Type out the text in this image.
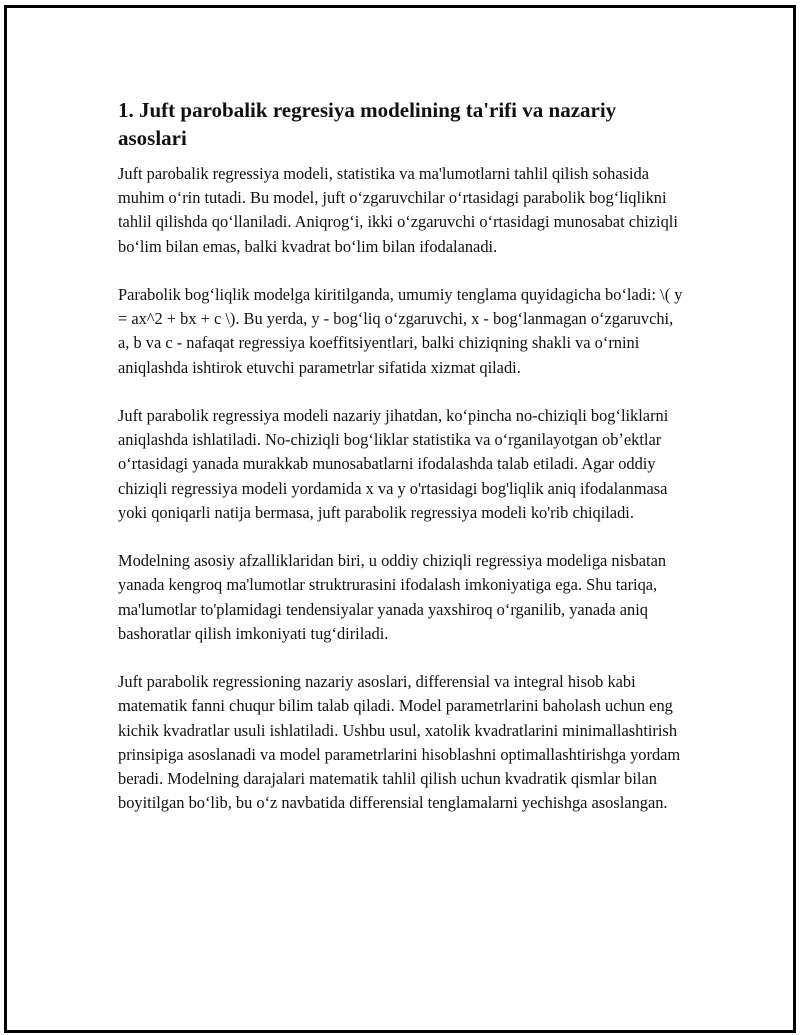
1. Juft parobalik regresiya modelining ta'rifi va nazariy asoslari

Juft parobalik regressiya modeli, statistika va ma'lumotlarni tahlil qilish sohasida muhim oʻrin tutadi. Bu model, juft oʻzgaruvchilar oʻrtasidagi parabolik bogʻliqlikni tahlil qilishda qoʻllaniladi. Aniqrogʻi, ikki oʻzgaruvchi oʻrtasidagi munosabat chiziqli boʻlim bilan emas, balki kvadrat boʻlim bilan ifodalanadi.

Parabolik bogʻliqlik modelga kiritilganda, umumiy tenglama quyidagicha boʻladi: \( y = ax^2 + bx + c \). Bu yerda, y - bogʻliq oʻzgaruvchi, x - bogʻlanmagan oʻzgaruvchi, a, b va c - nafaqat regressiya koeffitsiyentlari, balki chiziqning shakli va oʻrnini aniqlashda ishtirok etuvchi parametrlar sifatida xizmat qiladi.

Juft parabolik regressiya modeli nazariy jihatdan, koʻpincha no-chiziqli bogʻliklarni aniqlashda ishlatiladi. No-chiziqli bogʻliklar statistika va oʻrganilayotgan obʼektlar oʻrtasidagi yanada murakkab munosabatlarni ifodalashda talab etiladi. Agar oddiy chiziqli regressiya modeli yordamida x va y o'rtasidagi bog'liqlik aniq ifodalanmasa yoki qoniqarli natija bermasa, juft parabolik regressiya modeli ko'rib chiqiladi.

Modelning asosiy afzalliklaridan biri, u oddiy chiziqli regressiya modeliga nisbatan yanada kengroq ma'lumotlar struktrurasini ifodalash imkoniyatiga ega. Shu tariqa, ma'lumotlar to'plamidagi tendensiyalar yanada yaxshiroq oʻrganilib, yanada aniq bashoratlar qilish imkoniyati tugʻdiriladi.

Juft parabolik regressioning nazariy asoslari, differensial va integral hisob kabi matematik fanni chuqur bilim talab qiladi. Model parametrlarini baholash uchun eng kichik kvadratlar usuli ishlatiladi. Ushbu usul, xatolik kvadratlarini minimallashtirish prinsipiga asoslanadi va model parametrlarini hisoblashni optimallashtirishga yordam beradi. Modelning darajalari matematik tahlil qilish uchun kvadratik qismlar bilan boyitilgan boʻlib, bu oʻz navbatida differensial tenglamalarni yechishga asoslangan.
